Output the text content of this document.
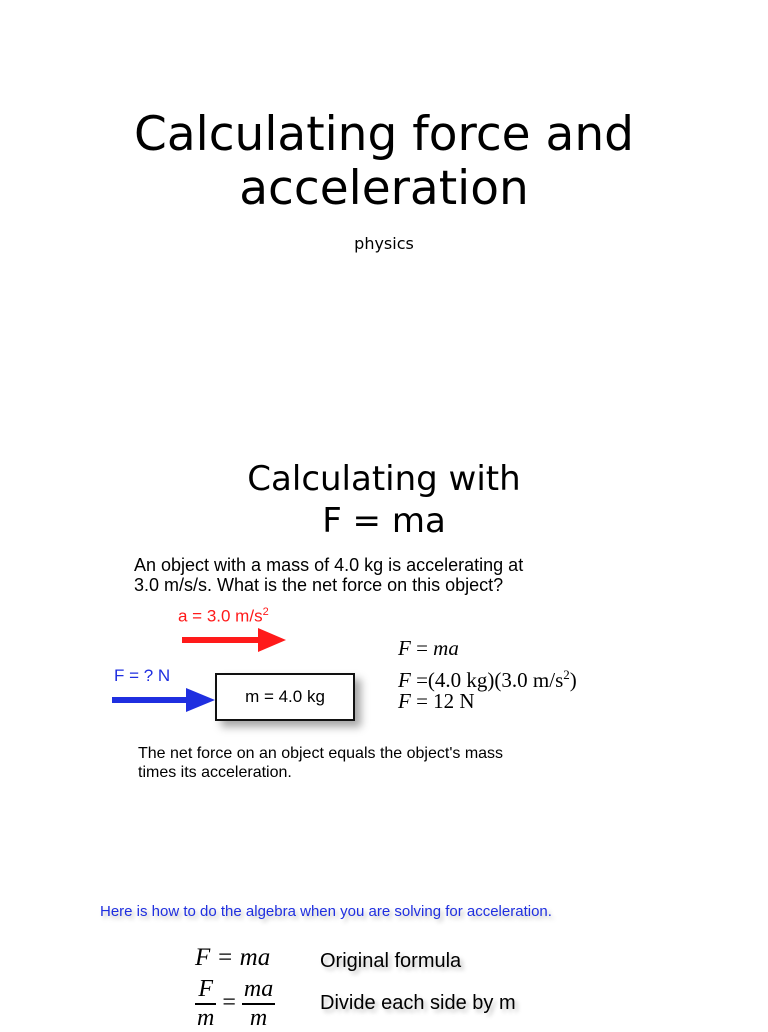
Calculating force and
acceleration
physics
Calculating with
F = ma
An object with a mass of 4.0 kg is accelerating at
3.0 m/s/s. What is the net force on this object?
a = 3.0 $m/s^2$
F = ? N
m = 4.0 kg
F = ma
F =(4.0 kg)(3.0 $m/s^2$)
F = 12 N
The net force on an object equals the object's mass
times its acceleration.
Here is how to do the algebra when you are solving for acceleration.
F = ma Original formula
$\frac{F}{m} = \frac{ma}{m}$ Divide each side by m
